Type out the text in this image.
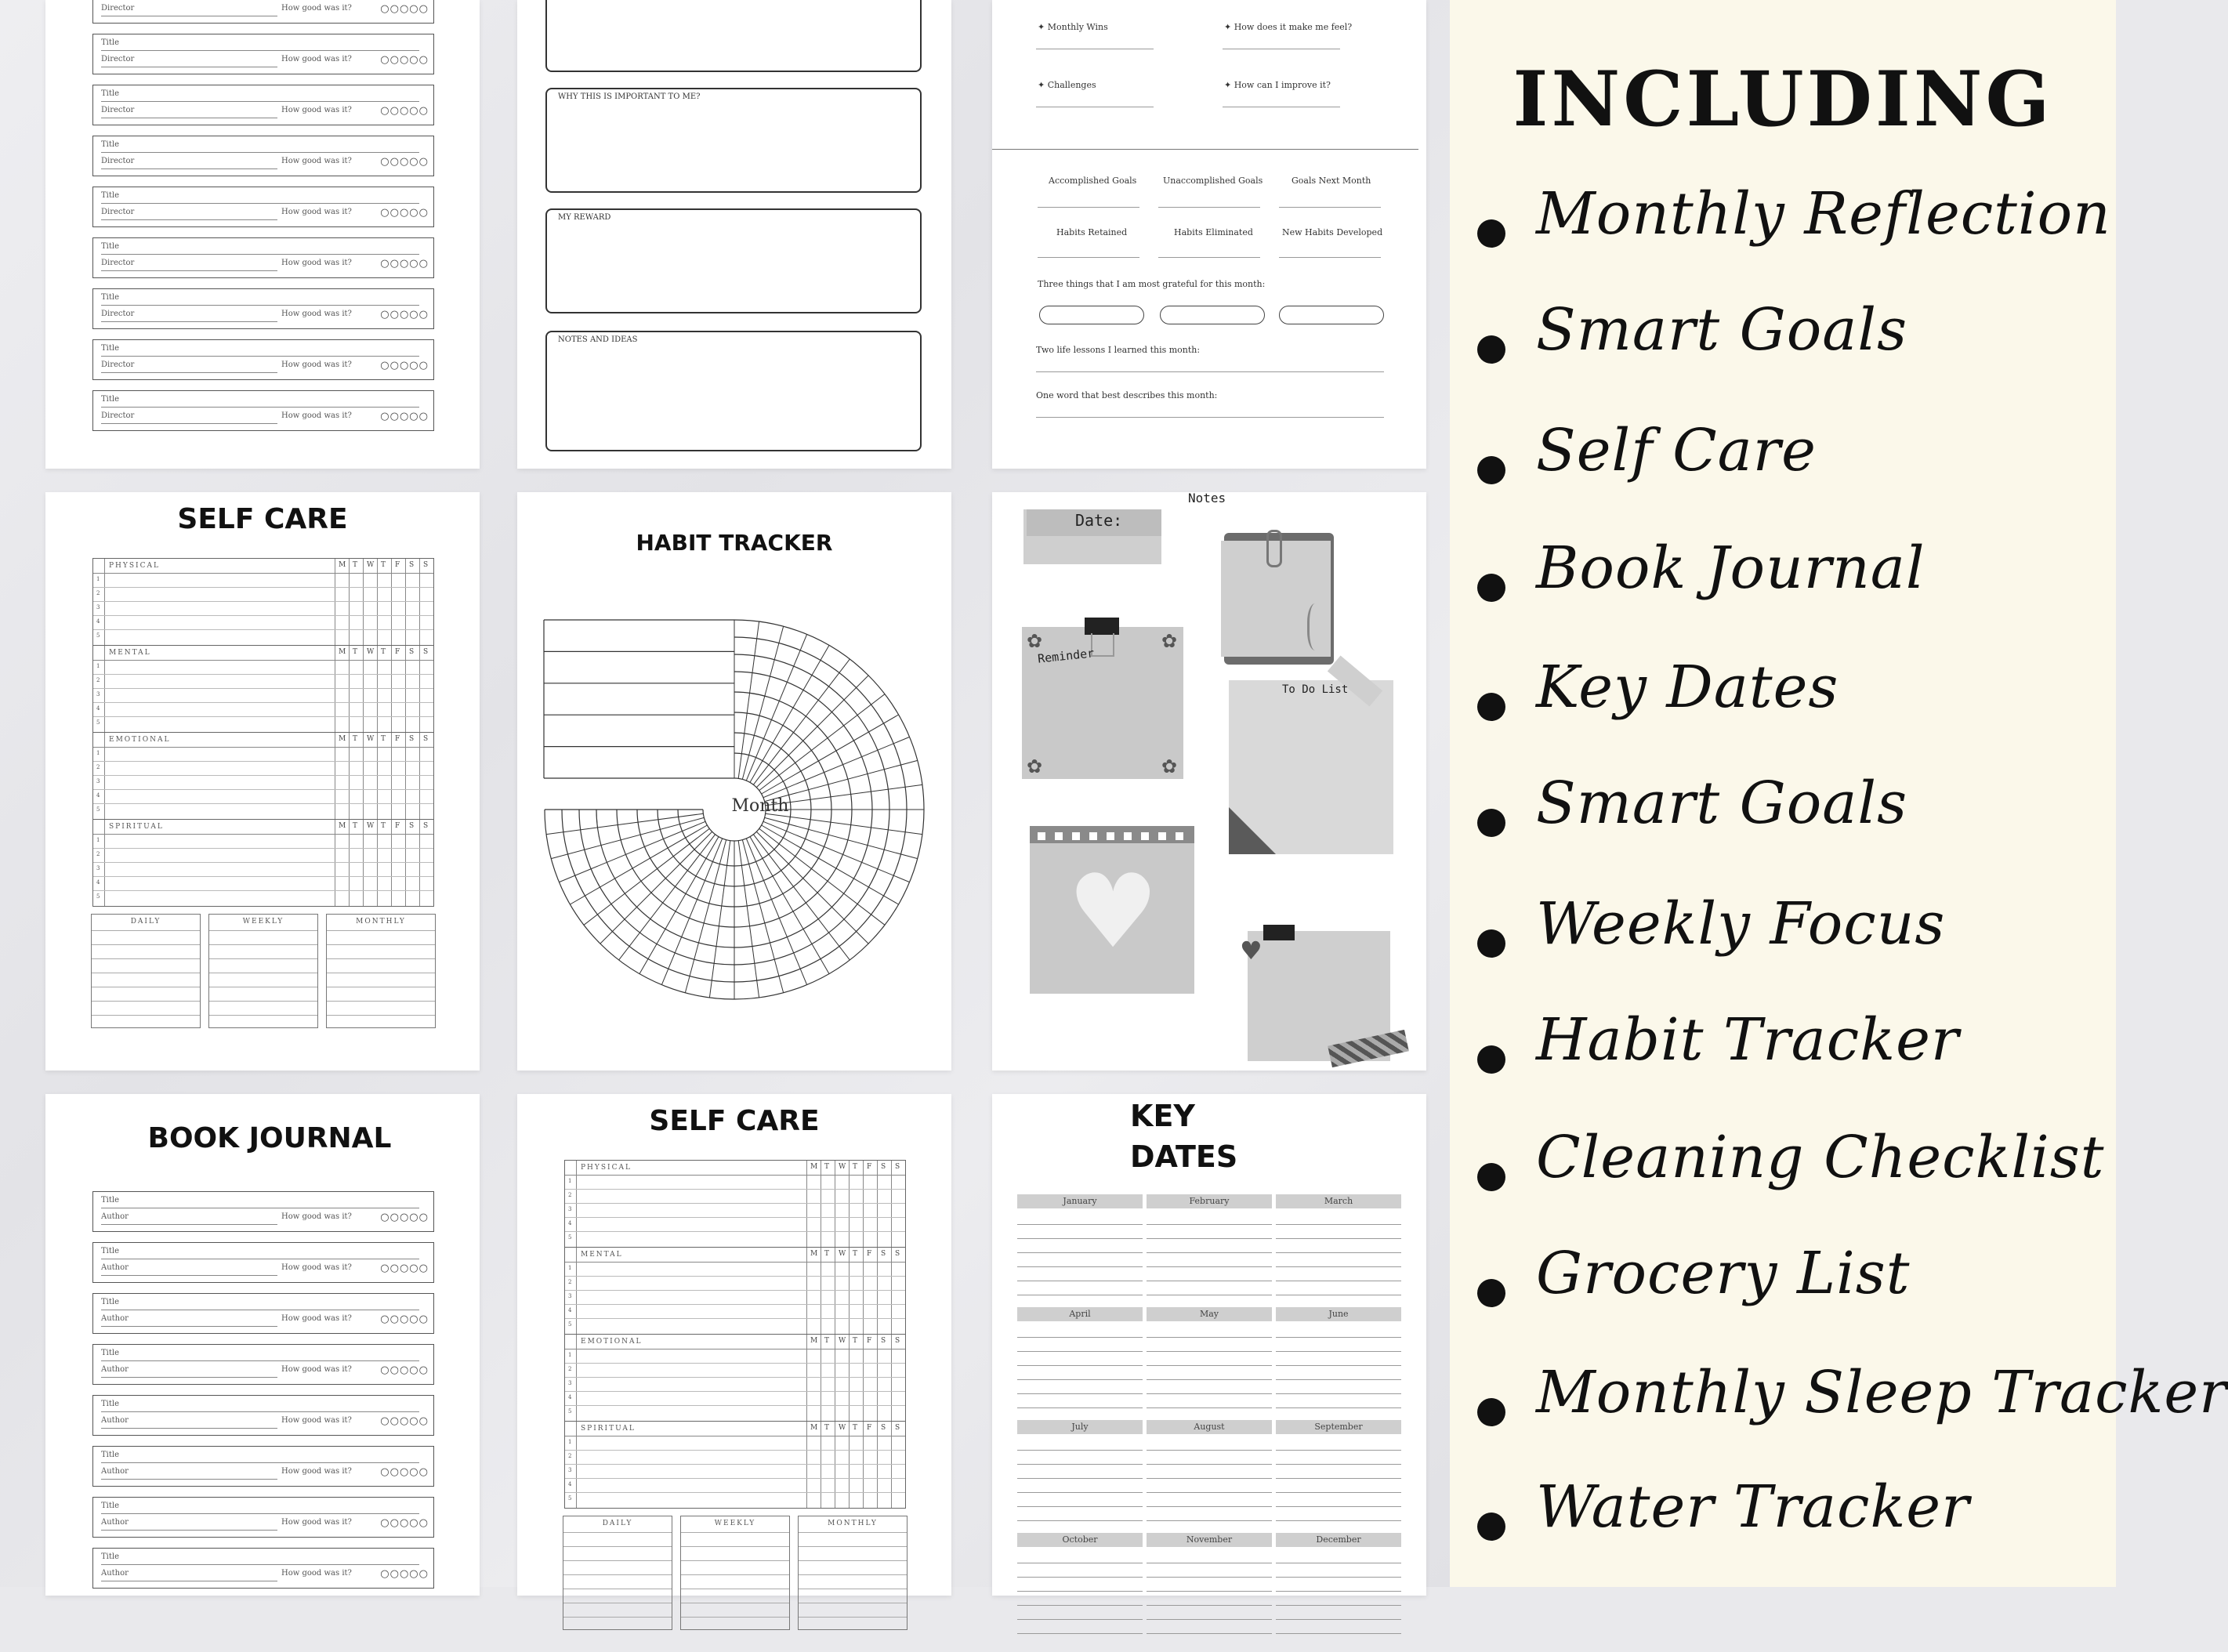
Director	How good was it?	○○○○○
Title
Director	How good was it?	○○○○○
Title
Director	How good was it?	○○○○○
Title
Director	How good was it?	○○○○○
Title
Director	How good was it?	○○○○○
Title
Director	How good was it?	○○○○○
Title
Director	How good was it?	○○○○○
Title
Director	How good was it?	○○○○○
Title
Director	How good was it?	○○○○○
WHY THIS IS IMPORTANT TO ME?
MY REWARD
NOTES AND IDEAS
✦ Monthly Wins	✦ How does it make me feel?
✦ Challenges	✦ How can I improve it?
Accomplished Goals	Unaccomplished Goals	Goals Next Month
Habits Retained	Habits Eliminated	New Habits Developed
Three things that I am most grateful for this month:
Two life lessons I learned this month:
One word that best describes this month:
SELF CARE
PHYSICAL	M T W T F S S
1
2
3
4
5
MENTAL	M T W T F S S
1
2
3
4
5
EMOTIONAL	M T W T F S S
1
2
3
4
5
SPIRITUAL	M T W T F S S
1
2
3
4
5
DAILY	WEEKLY	MONTHLY
HABIT TRACKER
Month
Date:
Notes
✿	✿
✿	✿
Reminder
To Do List
♥	♥
BOOK JOURNAL
Title
Author	How good was it?	○○○○○
Title
Author	How good was it?	○○○○○
Title
Author	How good was it?	○○○○○
Title
Author	How good was it?	○○○○○
Title
Author	How good was it?	○○○○○
Title
Author	How good was it?	○○○○○
Title
Author	How good was it?	○○○○○
Title
Author	How good was it?	○○○○○
SELF CARE
PHYSICAL	M T W T F S S
1
2
3
4
5
MENTAL	M T W T F S S
1
2
3
4
5
EMOTIONAL	M T W T F S S
1
2
3
4
5
SPIRITUAL	M T W T F S S
1
2
3
4
5
DAILY	WEEKLY	MONTHLY
KEY
DATES
January	February	March
April	May	June
July	August	September
October	November	December
INCLUDING
Monthly Reflection
Smart Goals
Self Care
Book Journal
Key Dates
Smart Goals
Weekly Focus
Habit Tracker
Cleaning Checklist
Grocery List
Monthly Sleep Tracker
Water Tracker
